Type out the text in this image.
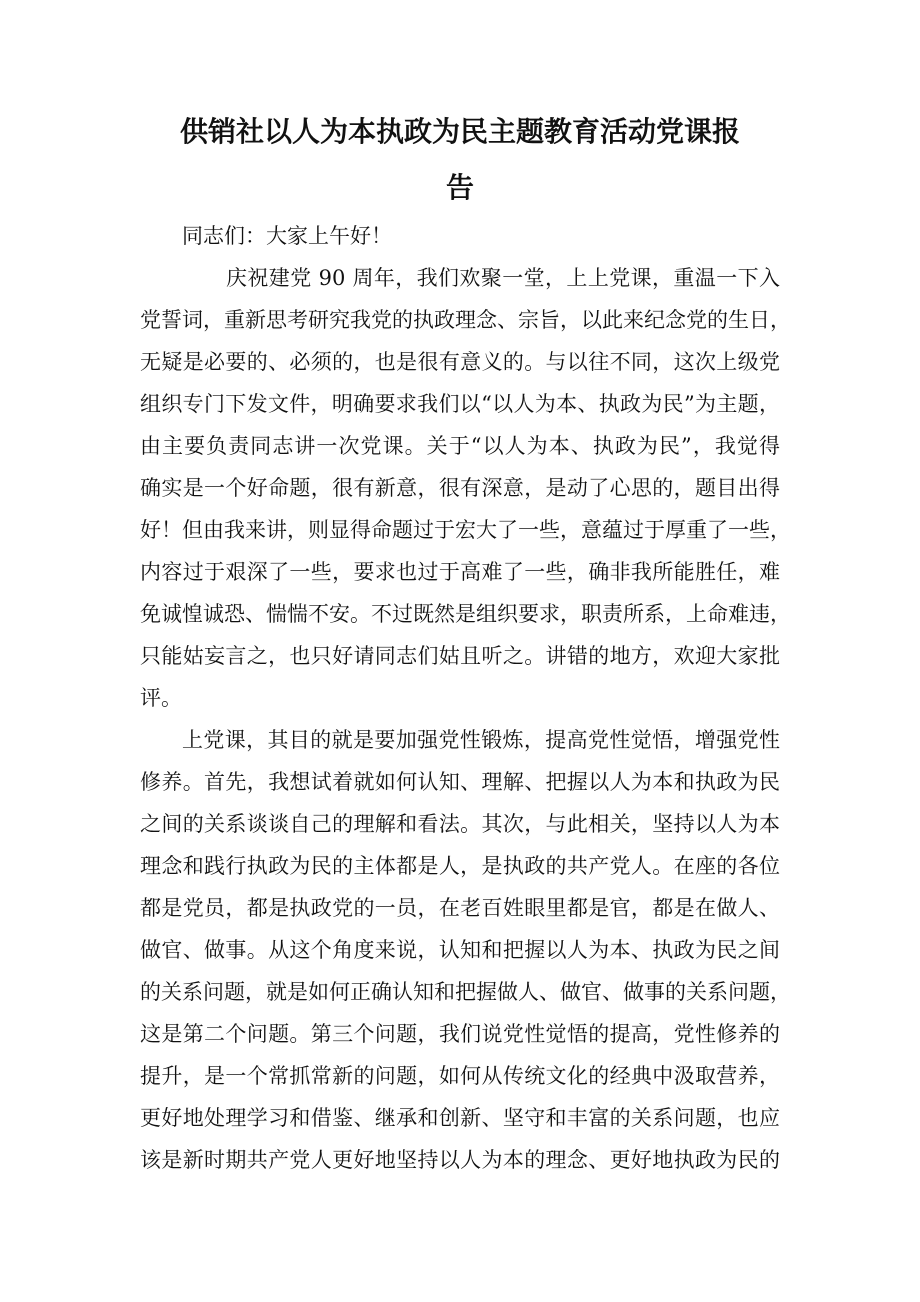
供销社以人为本执政为民主题教育活动党课报
告
同志们：大家上午好！
庆祝建党 90 周年，我们欢聚一堂，上上党课，重温一下入
党誓词，重新思考研究我党的执政理念、宗旨，以此来纪念党的生日，
无疑是必要的、必须的，也是很有意义的。与以往不同，这次上级党
组织专门下发文件，明确要求我们以“以人为本、执政为民”为主题，
由主要负责同志讲一次党课。关于“以人为本、执政为民”，我觉得
确实是一个好命题，很有新意，很有深意，是动了心思的，题目出得
好！但由我来讲，则显得命题过于宏大了一些，意蕴过于厚重了一些，
内容过于艰深了一些，要求也过于高难了一些，确非我所能胜任，难
免诚惶诚恐、惴惴不安。不过既然是组织要求，职责所系，上命难违，
只能姑妄言之，也只好请同志们姑且听之。讲错的地方，欢迎大家批
评。
上党课，其目的就是要加强党性锻炼，提高党性觉悟，增强党性
修养。首先，我想试着就如何认知、理解、把握以人为本和执政为民
之间的关系谈谈自己的理解和看法。其次，与此相关，坚持以人为本
理念和践行执政为民的主体都是人，是执政的共产党人。在座的各位
都是党员，都是执政党的一员，在老百姓眼里都是官，都是在做人、
做官、做事。从这个角度来说，认知和把握以人为本、执政为民之间
的关系问题，就是如何正确认知和把握做人、做官、做事的关系问题，
这是第二个问题。第三个问题，我们说党性觉悟的提高，党性修养的
提升，是一个常抓常新的问题，如何从传统文化的经典中汲取营养，
更好地处理学习和借鉴、继承和创新、坚守和丰富的关系问题，也应
该是新时期共产党人更好地坚持以人为本的理念、更好地执政为民的
